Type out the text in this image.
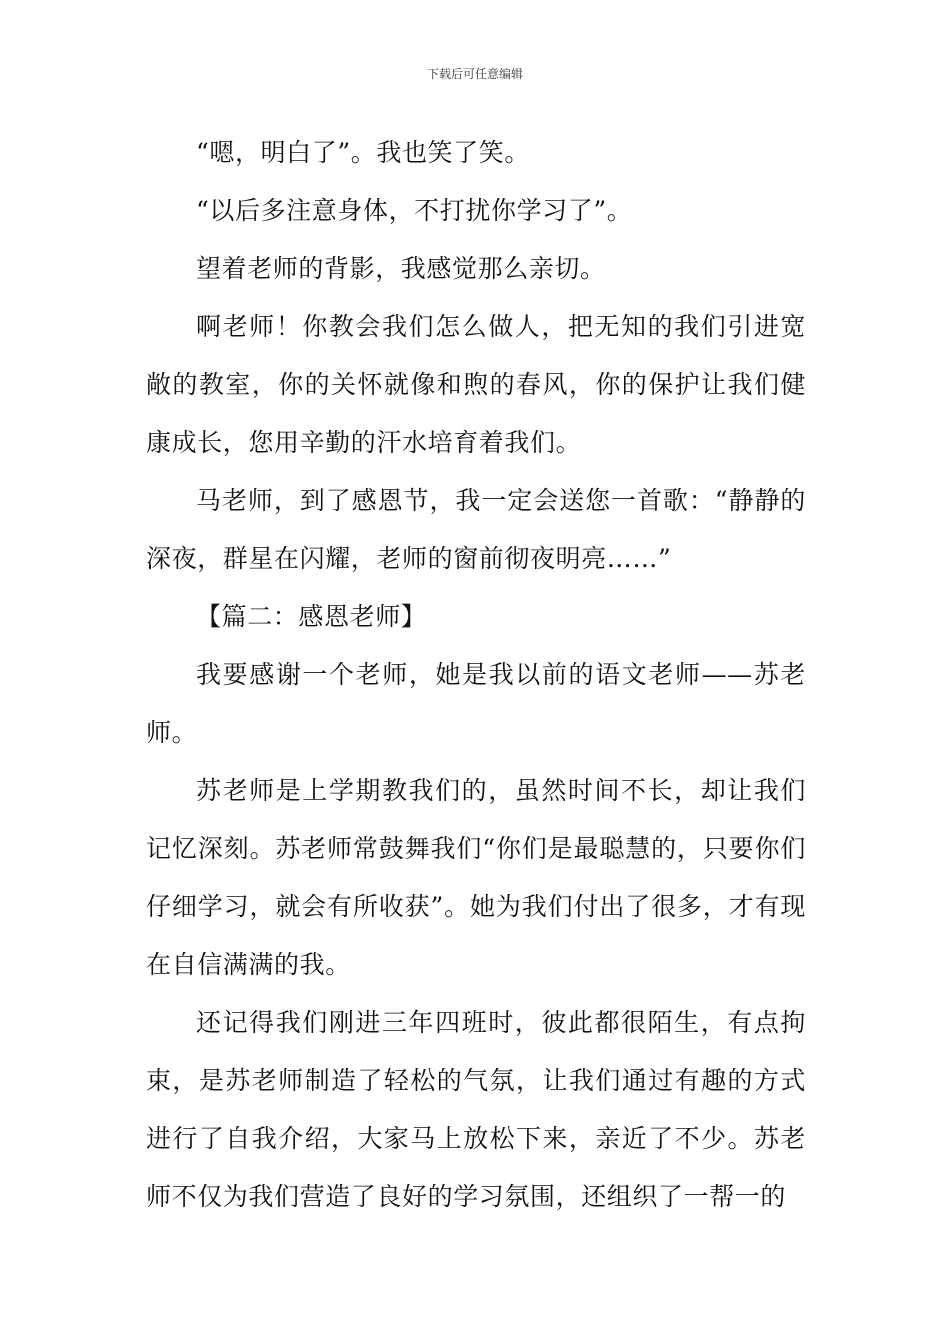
下载后可任意编辑

“嗯，明白了”。我也笑了笑。

“以后多注意身体，不打扰你学习了”。

望着老师的背影，我感觉那么亲切。

啊老师！你教会我们怎么做人，把无知的我们引进宽敞的教室，你的关怀就像和煦的春风，你的保护让我们健康成长，您用辛勤的汗水培育着我们。

马老师，到了感恩节，我一定会送您一首歌：“静静的深夜，群星在闪耀，老师的窗前彻夜明亮……”

【篇二：感恩老师】

我要感谢一个老师，她是我以前的语文老师——苏老师。

苏老师是上学期教我们的，虽然时间不长，却让我们记忆深刻。苏老师常鼓舞我们“你们是最聪慧的，只要你们仔细学习，就会有所收获”。她为我们付出了很多，才有现在自信满满的我。

还记得我们刚进三年四班时，彼此都很陌生，有点拘束，是苏老师制造了轻松的气氛，让我们通过有趣的方式进行了自我介绍，大家马上放松下来，亲近了不少。苏老师不仅为我们营造了良好的学习氛围，还组织了一帮一的
